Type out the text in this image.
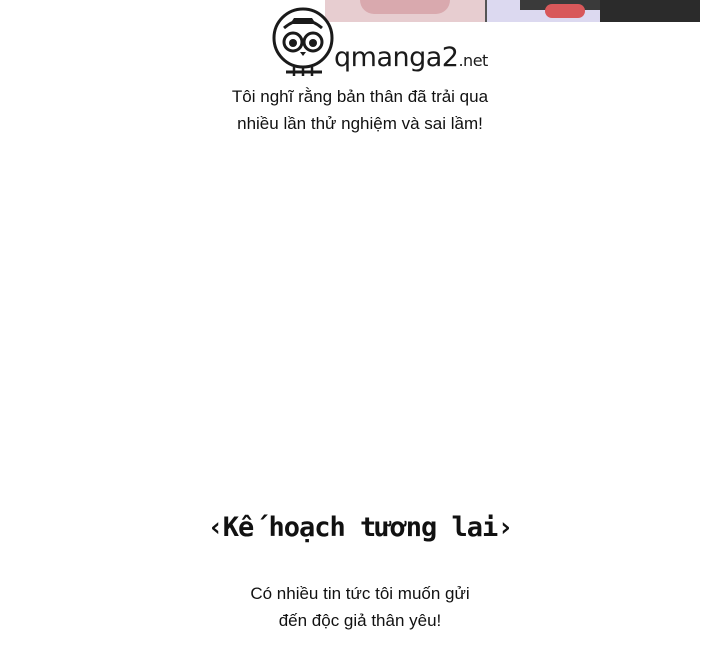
qmanga2.net
Tôi nghĩ rằng bản thân đã trải qua
nhiều lần thử nghiệm và sai lầm!
‹Kế hoạch tương lai›
Có nhiều tin tức tôi muốn gửi
đến độc giả thân yêu!
